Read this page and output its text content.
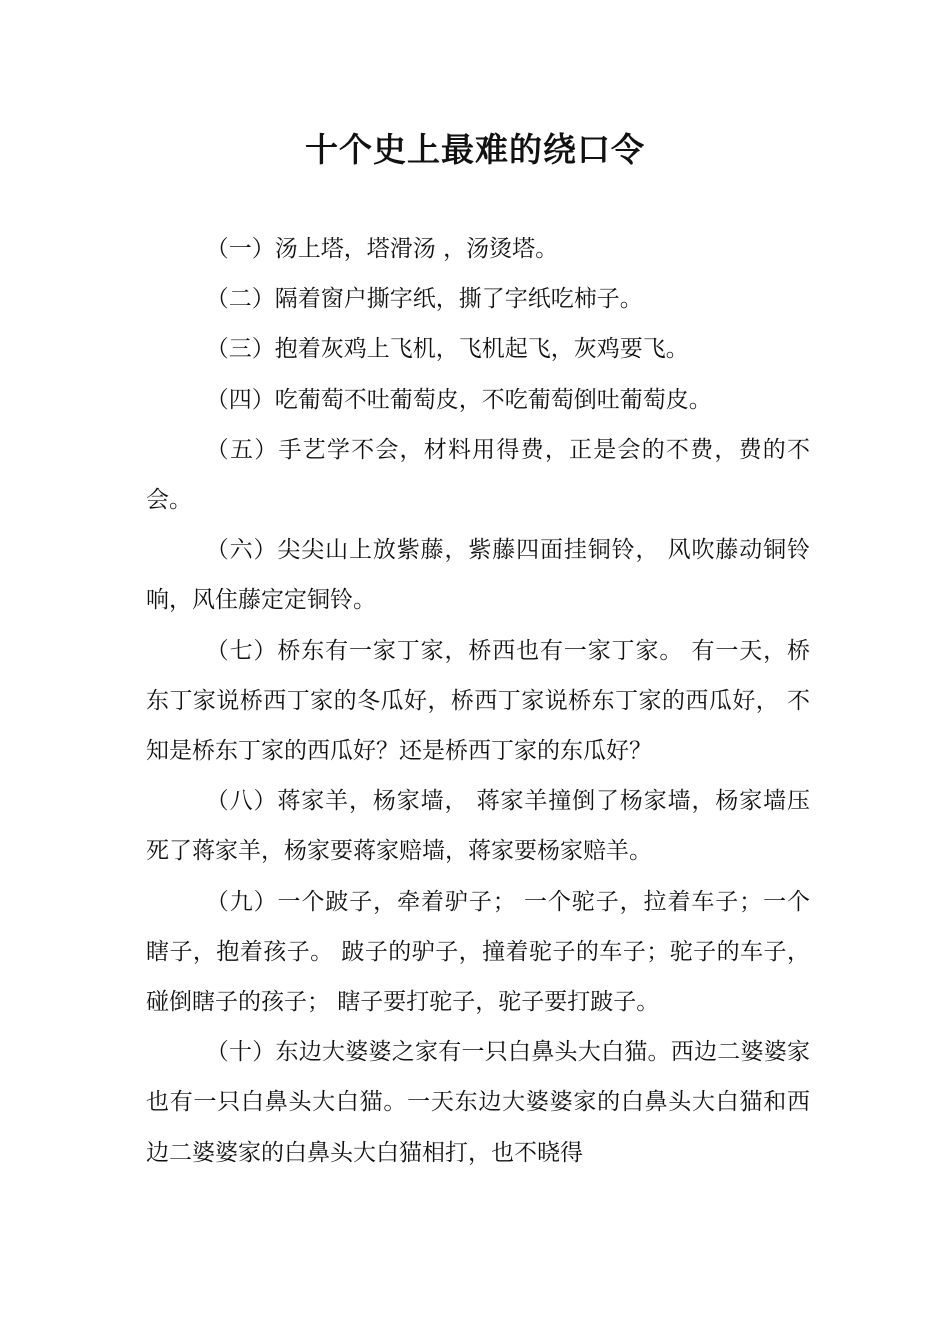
十个史上最难的绕口令

（一）汤上塔，塔滑汤 ，汤烫塔。

（二）隔着窗户撕字纸，撕了字纸吃柿子。

（三）抱着灰鸡上飞机，飞机起飞，灰鸡要飞。

（四）吃葡萄不吐葡萄皮，不吃葡萄倒吐葡萄皮。

（五）手艺学不会，材料用得费，正是会的不费，费的不会。

（六）尖尖山上放紫藤，紫藤四面挂铜铃， 风吹藤动铜铃响，风住藤定定铜铃。

（七）桥东有一家丁家，桥西也有一家丁家。 有一天，桥东丁家说桥西丁家的冬瓜好，桥西丁家说桥东丁家的西瓜好， 不知是桥东丁家的西瓜好？还是桥西丁家的东瓜好？

（八）蒋家羊，杨家墙， 蒋家羊撞倒了杨家墙，杨家墙压死了蒋家羊，杨家要蒋家赔墙，蒋家要杨家赔羊。

（九）一个跛子，牵着驴子； 一个驼子，拉着车子；一个瞎子，抱着孩子。 跛子的驴子，撞着驼子的车子；驼子的车子，碰倒瞎子的孩子； 瞎子要打驼子，驼子要打跛子。

（十）东边大婆婆之家有一只白鼻头大白猫。西边二婆婆家也有一只白鼻头大白猫。一天东边大婆婆家的白鼻头大白猫和西边二婆婆家的白鼻头大白猫相打，也不晓得
